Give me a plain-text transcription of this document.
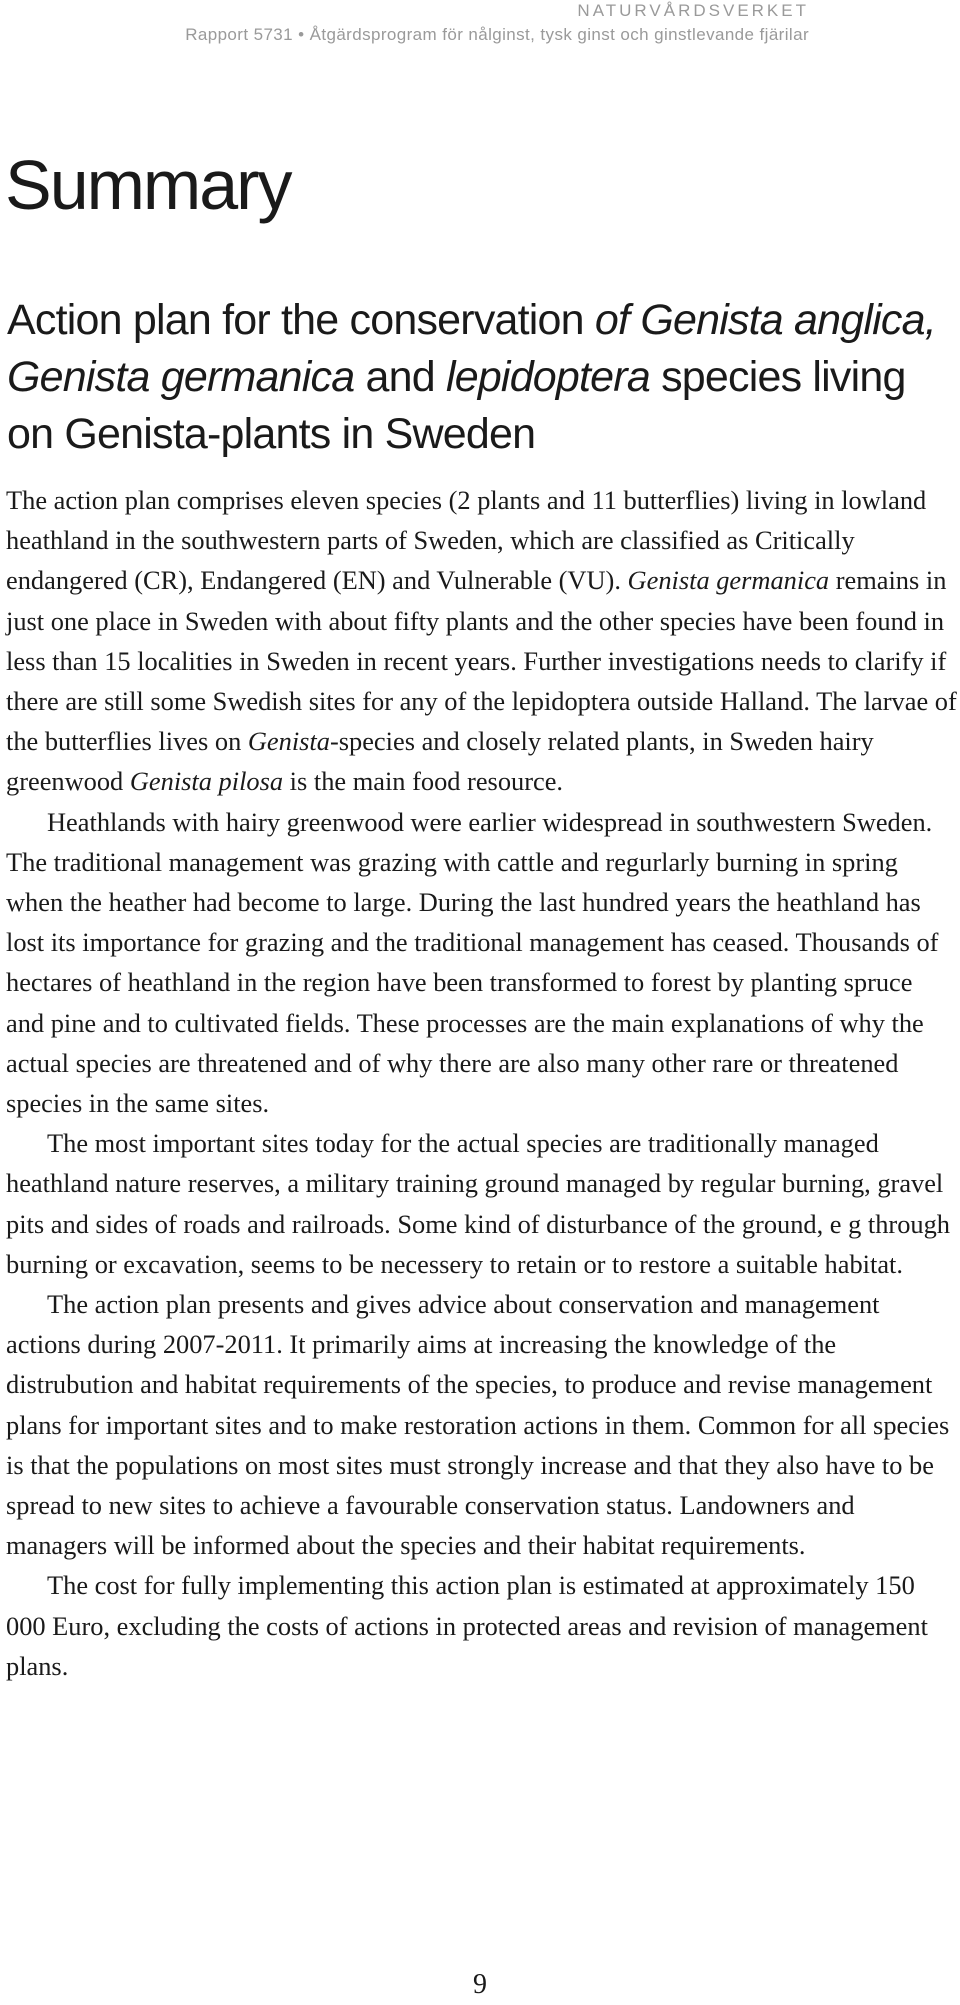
NATURVÅRDSVERKET
Rapport 5731 • Åtgärdsprogram för nålginst, tysk ginst och ginstlevande fjärilar
Summary
Action plan for the conservation of Genista anglica, Genista germanica and lepidoptera species living on Genista-plants in Sweden

The action plan comprises eleven species (2 plants and 11 butterflies) living in lowland heathland in the southwestern parts of Sweden, which are classified as Critically endangered (CR), Endangered (EN) and Vulnerable (VU). Genista germanica remains in just one place in Sweden with about fifty plants and the other species have been found in less than 15 localities in Sweden in recent years. Further investigations needs to clarify if there are still some Swedish sites for any of the lepidoptera outside Halland. The larvae of the butterflies lives on Genista-species and closely related plants, in Sweden hairy greenwood Genista pilosa is the main food resource.

Heathlands with hairy greenwood were earlier widespread in southwestern Sweden. The traditional management was grazing with cattle and regurlarly burning in spring when the heather had become to large. During the last hundred years the heathland has lost its importance for grazing and the traditional management has ceased. Thousands of hectares of heathland in the region have been transformed to forest by planting spruce and pine and to cultivated fields. These processes are the main explanations of why the actual species are threatened and of why there are also many other rare or threatened species in the same sites.

The most important sites today for the actual species are traditionally managed heathland nature reserves, a military training ground managed by regular burning, gravel pits and sides of roads and railroads. Some kind of disturbance of the ground, e g through burning or excavation, seems to be necessery to retain or to restore a suitable habitat.

The action plan presents and gives advice about conservation and management actions during 2007-2011. It primarily aims at increasing the knowledge of the distrubution and habitat requirements of the species, to produce and revise management plans for important sites and to make restoration actions in them. Common for all species is that the populations on most sites must strongly increase and that they also have to be spread to new sites to achieve a favourable conservation status. Landowners and managers will be informed about the species and their habitat requirements.

The cost for fully implementing this action plan is estimated at approximately 150 000 Euro, excluding the costs of actions in protected areas and revision of management plans.

9
